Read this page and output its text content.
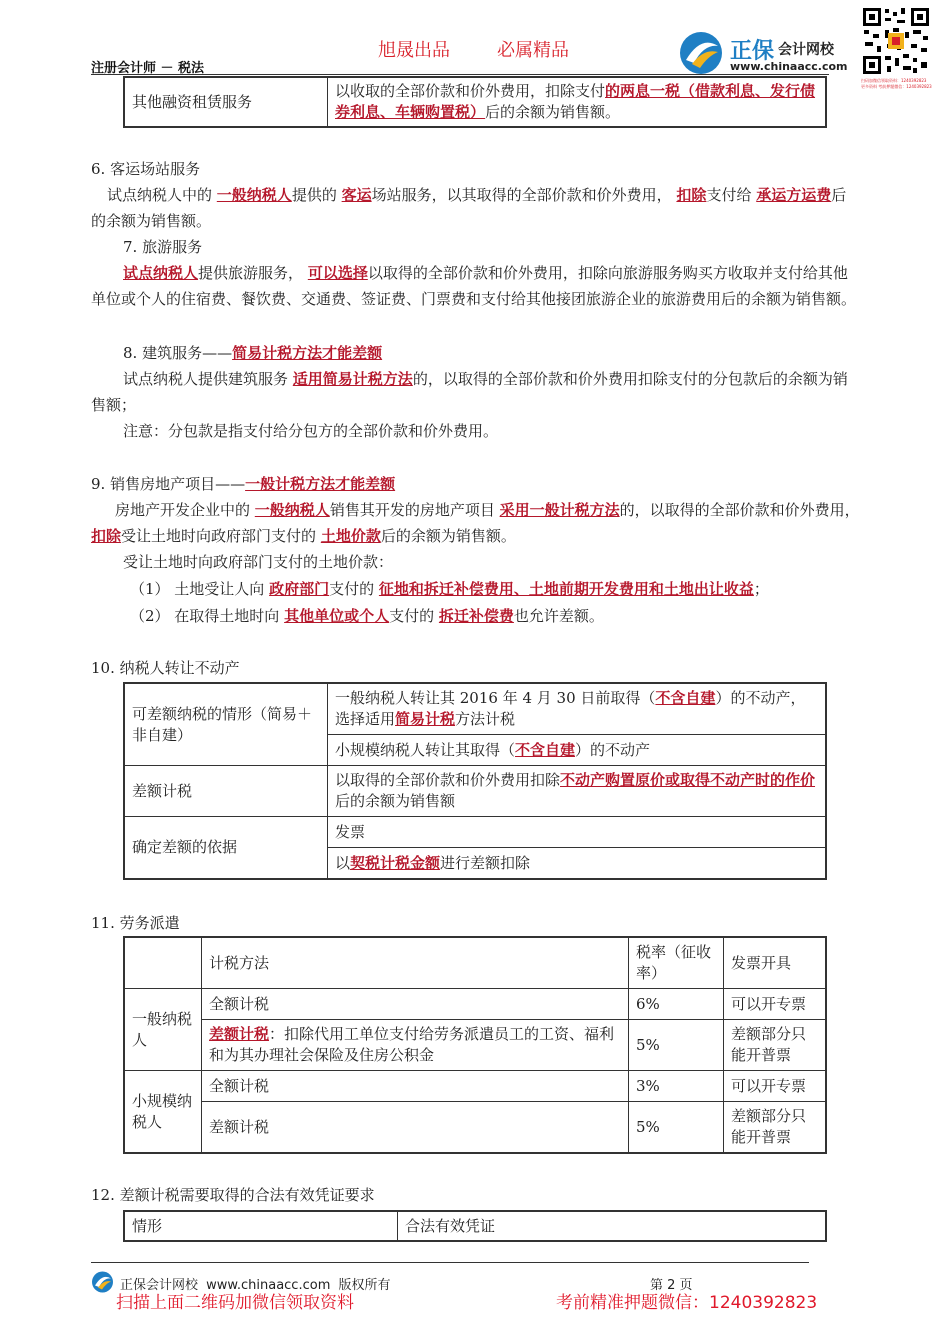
旭晟出品	必属精品
注册会计师 － 税法
正保 会计网校
www.chinaacc.com
扫码加微信领取资料：1240392823
更多资料 考前押题微信：1240392823
其他融资租赁服务	以收取的全部价款和价外费用，扣除支付的两息一税（借款利息、发行债券利息、车辆购置税）后的余额为销售额。
6. 客运场站服务
试点纳税人中的 一般纳税人提供的 客运场站服务，以其取得的全部价款和价外费用， 扣除支付给 承运方运费后的余额为销售额。
7. 旅游服务
试点纳税人提供旅游服务， 可以选择以取得的全部价款和价外费用，扣除向旅游服务购买方收取并支付给其他单位或个人的住宿费、餐饮费、交通费、签证费、门票费和支付给其他接团旅游企业的旅游费用后的余额为销售额。
8. 建筑服务——简易计税方法才能差额
试点纳税人提供建筑服务 适用简易计税方法的，以取得的全部价款和价外费用扣除支付的分包款后的余额为销售额；
注意：分包款是指支付给分包方的全部价款和价外费用。
9. 销售房地产项目——一般计税方法才能差额
房地产开发企业中的 一般纳税人销售其开发的房地产项目 采用一般计税方法的，以取得的全部价款和价外费用， 扣除受让土地时向政府部门支付的 土地价款后的余额为销售额。
受让土地时向政府部门支付的土地价款：
（1） 土地受让人向 政府部门支付的 征地和拆迁补偿费用、土地前期开发费用和土地出让收益；
（2） 在取得土地时向 其他单位或个人支付的 拆迁补偿费也允许差额。
10. 纳税人转让不动产
可差额纳税的情形（简易＋非自建）	一般纳税人转让其 2016 年 4 月 30 日前取得（不含自建）的不动产，选择适用简易计税方法计税
	小规模纳税人转让其取得（不含自建）的不动产
差额计税	以取得的全部价款和价外费用扣除不动产购置原价或取得不动产时的作价后的余额为销售额
确定差额的依据	发票
	以契税计税金额进行差额扣除
11. 劳务派遣
	计税方法	税率（征收率）	发票开具
一般纳税人	全额计税	6%	可以开专票
	差额计税：扣除代用工单位支付给劳务派遣员工的工资、福利和为其办理社会保险及住房公积金	5%	差额部分只能开普票
小规模纳税人	全额计税	3%	可以开专票
	差额计税	5%	差额部分只能开普票
12. 差额计税需要取得的合法有效凭证要求
情形	合法有效凭证
正保会计网校 www.chinaacc.com 版权所有	第 2 页
扫描上面二维码加微信领取资料	考前精准押题微信：1240392823
